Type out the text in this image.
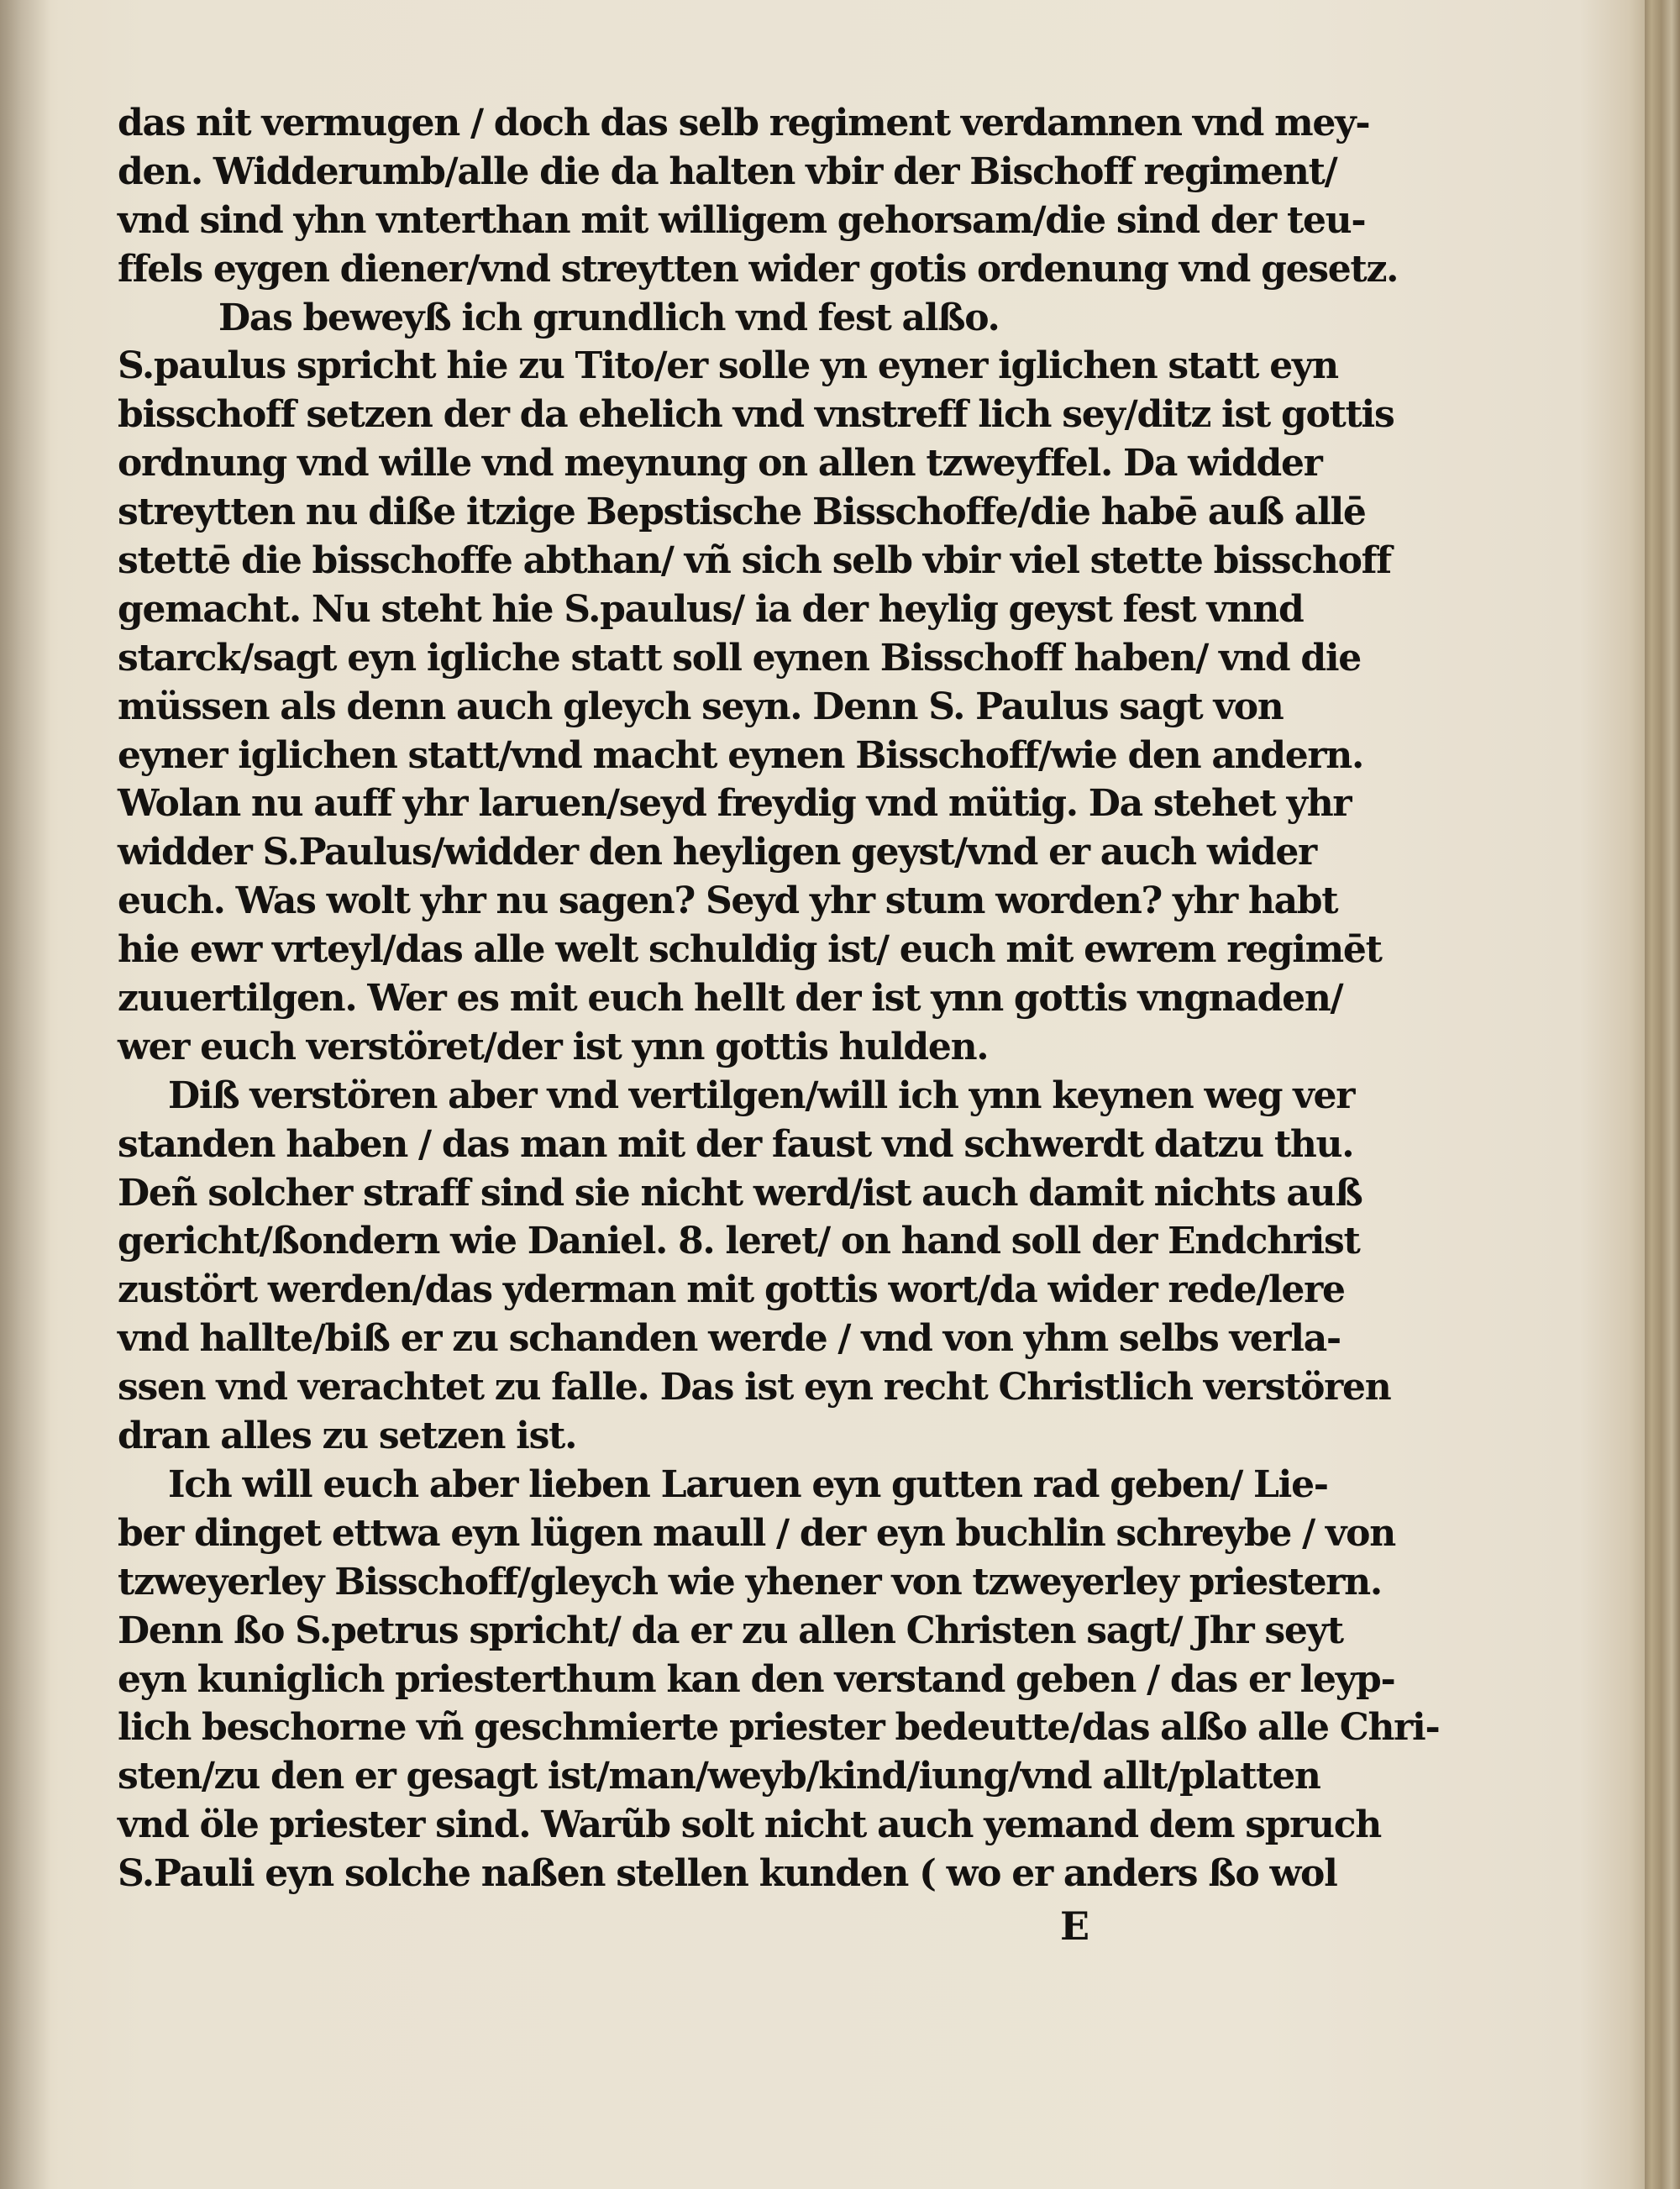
das nit vermugen / doch das selb regiment verdamnen vnd mey-
den. Widderumb/alle die da halten vbir der Bischoff regiment/
vnd sind yhn vnterthan mit willigem gehorsam/die sind der teu-
ffels eygen diener/vnd streytten wider gotis ordenung vnd gesetz.
Das beweyß ich grundlich vnd fest alßo.
S.paulus spricht hie zu Tito/er solle yn eyner iglichen statt eyn
bisschoff setzen der da ehelich vnd vnstreff lich sey/ditz ist gottis
ordnung vnd wille vnd meynung on allen tzweyffel. Da widder
streytten nu diße itzige Bepstische Bisschoffe/die habē auß allē
stettē die bisschoffe abthan/ vñ sich selb vbir viel stette bisschoff
gemacht. Nu steht hie S.paulus/ ia der heylig geyst fest vnnd
starck/sagt eyn igliche statt soll eynen Bisschoff haben/ vnd die
müssen als denn auch gleych seyn. Denn S. Paulus sagt von
eyner iglichen statt/vnd macht eynen Bisschoff/wie den andern.
Wolan nu auff yhr laruen/seyd freydig vnd mütig. Da stehet yhr
widder S.Paulus/widder den heyligen geyst/vnd er auch wider
euch. Was wolt yhr nu sagen? Seyd yhr stum worden? yhr habt
hie ewr vrteyl/das alle welt schuldig ist/ euch mit ewrem regimēt
zuuertilgen. Wer es mit euch hellt der ist ynn gottis vngnaden/
wer euch verstöret/der ist ynn gottis hulden.
Diß verstören aber vnd vertilgen/will ich ynn keynen weg ver
standen haben / das man mit der faust vnd schwerdt datzu thu.
Deñ solcher straff sind sie nicht werd/ist auch damit nichts auß
gericht/ßondern wie Daniel. 8. leret/ on hand soll der Endchrist
zustört werden/das yderman mit gottis wort/da wider rede/lere
vnd hallte/biß er zu schanden werde / vnd von yhm selbs verla-
ssen vnd verachtet zu falle. Das ist eyn recht Christlich verstören
dran alles zu setzen ist.
Ich will euch aber lieben Laruen eyn gutten rad geben/ Lie-
ber dinget ettwa eyn lügen maull / der eyn buchlin schreybe / von
tzweyerley Bisschoff/gleych wie yhener von tzweyerley priestern.
Denn ßo S.petrus spricht/ da er zu allen Christen sagt/ Jhr seyt
eyn kuniglich priesterthum kan den verstand geben / das er leyp-
lich beschorne vñ geschmierte priester bedeutte/das alßo alle Chri-
sten/zu den er gesagt ist/man/weyb/kind/iung/vnd allt/platten
vnd öle priester sind. Warũb solt nicht auch yemand dem spruch
S.Pauli eyn solche naßen stellen kunden ( wo er anders ßo wol
E
